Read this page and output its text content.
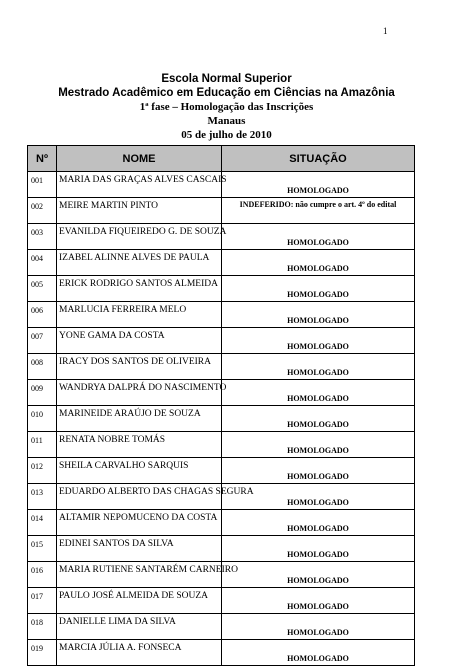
1
Escola Normal Superior
Mestrado Acadêmico em Educação em Ciências na Amazônia
1ª fase – Homologação das Inscrições
Manaus
05 de julho de 2010
Nº	NOME	SITUAÇÃO
001	MARIA DAS GRAÇAS ALVES CASCAIS	HOMOLOGADO
002	MEIRE MARTIN PINTO	INDEFERIDO: não cumpre o art. 4º do edital
003	EVANILDA FIQUEIREDO G. DE SOUZA	HOMOLOGADO
004	IZABEL ALINNE ALVES DE PAULA	HOMOLOGADO
005	ERICK RODRIGO SANTOS ALMEIDA	HOMOLOGADO
006	MARLUCIA FERREIRA MELO	HOMOLOGADO
007	YONE GAMA DA COSTA	HOMOLOGADO
008	IRACY DOS SANTOS DE OLIVEIRA	HOMOLOGADO
009	WANDRYA DALPRÁ DO NASCIMENTO	HOMOLOGADO
010	MARINEIDE ARAÚJO DE SOUZA	HOMOLOGADO
011	RENATA NOBRE TOMÁS	HOMOLOGADO
012	SHEILA CARVALHO SARQUIS	HOMOLOGADO
013	EDUARDO ALBERTO DAS CHAGAS SEGURA	HOMOLOGADO
014	ALTAMIR NEPOMUCENO DA COSTA	HOMOLOGADO
015	EDINEI SANTOS DA SILVA	HOMOLOGADO
016	MARIA RUTIENE SANTARÉM CARNEIRO	HOMOLOGADO
017	PAULO JOSÉ ALMEIDA DE SOUZA	HOMOLOGADO
018	DANIELLE LIMA DA SILVA	HOMOLOGADO
019	MARCIA JÚLIA A. FONSECA	HOMOLOGADO
